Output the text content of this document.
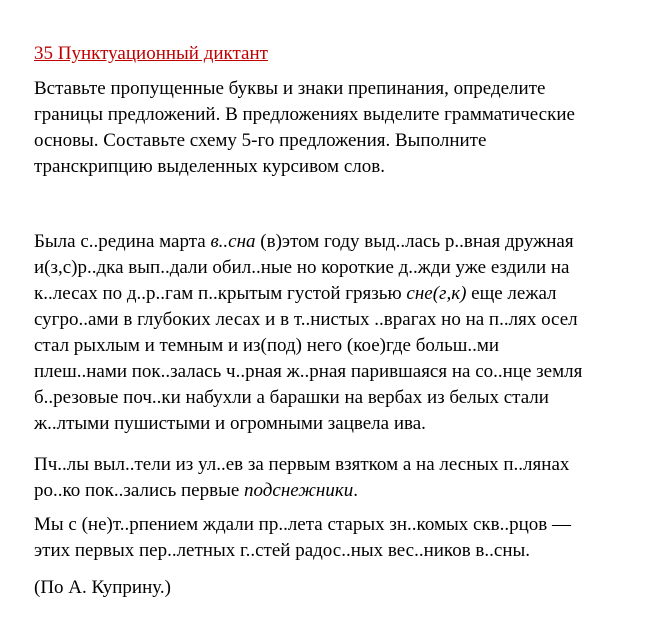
35 Пунктуационный диктант
Вставьте пропущенные буквы и знаки препинания, определите
границы предложений. В предложениях выделите грамматические
основы. Составьте схему 5-го предложения. Выполните
транскрипцию выделенных курсивом слов.
Была с..редина марта в..сна (в)этом году выд..лась р..вная дружная
и(з,с)р..дка вып..дали обил..ные но короткие д..жди уже ездили на
к..лесах по д..р..гам п..крытым густой грязью сне(г,к) еще лежал
сугро..ами в глубоких лесах и в т..нистых ..врагах но на п..лях осел
стал рыхлым и темным и из(под) него (кое)где больш..ми
плеш..нами пок..залась ч..рная ж..рная парившаяся на со..нце земля
б..резовые поч..ки набухли а барашки на вербах из белых стали
ж..лтыми пушистыми и огромными зацвела ива.
Пч..лы выл..тели из ул..ев за первым взятком а на лесных п..лянах
ро..ко пок..зались первые подснежники.
Мы с (не)т..рпением ждали пр..лета старых зн..комых скв..рцов —
этих первых пер..летных г..стей радос..ных вес..ников в..сны.
(По А. Куприну.)
